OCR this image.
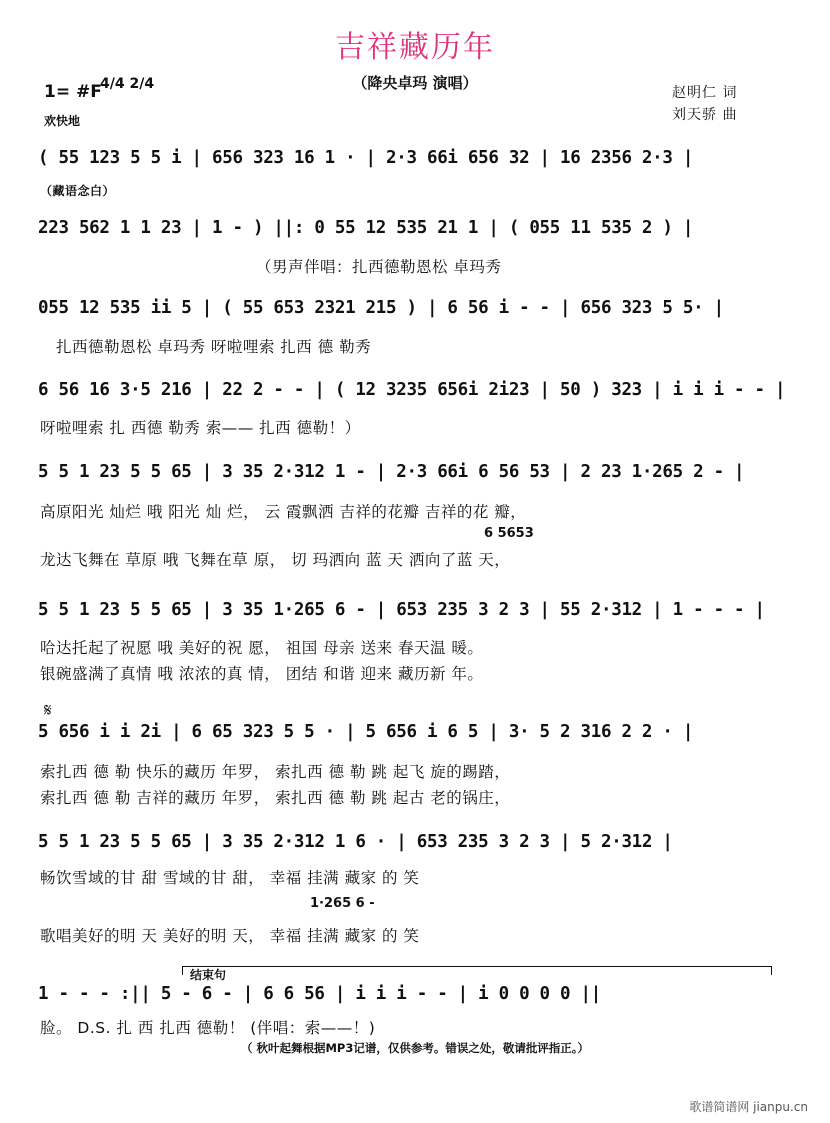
吉祥藏历年
（降央卓玛 演唱）
1= #F
4/4 2/4
欢快地
赵明仁 词
刘天骄 曲
( 55 123 5 5 i | 656 323 16 1 · | 2·3 66i 656 32 | 16 2356 2·3 |
（藏语念白）
223 562 1 1 23 | 1 - ) ||: 0 55 12 535 21 1 | ( 055 11 535 2 ) |
（男声伴唱：扎西德勒恩松 卓玛秀
055 12 535 ii 5 | ( 55 653 2321 215 ) | 6 56 i - - | 656 323 5 5· |
扎西德勒恩松 卓玛秀 呀啦哩索 扎西 德 勒秀
6 56 16 3·5 216 | 22 2 - - | ( 12 3235 656i 2i23 | 50 ) 323 | i i i - - |
呀啦哩索 扎 西德 勒秀 索—— 扎西 德勒！）
5 5 1 23 5 5 65 | 3 35 2·312 1 - | 2·3 66i 6 56 53 | 2 23 1·265 2 - |
高原阳光 灿烂 哦 阳光 灿 烂， 云 霞飘洒 吉祥的花瓣 吉祥的花 瓣，
6 5653
龙达飞舞在 草原 哦 飞舞在草 原， 切 玛洒向 蓝 天 洒向了蓝 天，
5 5 1 23 5 5 65 | 3 35 1·265 6 - | 653 235 3 2 3 | 55 2·312 | 1 - - - |
哈达托起了祝愿 哦 美好的祝 愿， 祖国 母亲 送来 春天温 暖。
银碗盛满了真情 哦 浓浓的真 情， 团结 和谐 迎来 藏历新 年。
𝄋
5 656 i i 2i | 6 65 323 5 5 · | 5 656 i 6 5 | 3· 5 2 316 2 2 · |
索扎西 德 勒 快乐的藏历 年罗， 索扎西 德 勒 跳 起飞 旋的踢踏，
索扎西 德 勒 吉祥的藏历 年罗， 索扎西 德 勒 跳 起古 老的锅庄，
5 5 1 23 5 5 65 | 3 35 2·312 1 6 · | 653 235 3 2 3 | 5 2·312 |
畅饮雪域的甘 甜 雪域的甘 甜， 幸福 挂满 藏家 的 笑
1·265 6 -
歌唱美好的明 天 美好的明 天， 幸福 挂满 藏家 的 笑
结束句
1 - - - :|| 5 - 6 - | 6 6 56 | i i i - - | i 0 0 0 0 ||
脸。 D.S. 扎 西 扎西 德勒！ (伴唱：索——！)
（ 秋叶起舞根据MP3记谱，仅供参考。错误之处，敬请批评指正。）
歌谱简谱网 jianpu.cn
